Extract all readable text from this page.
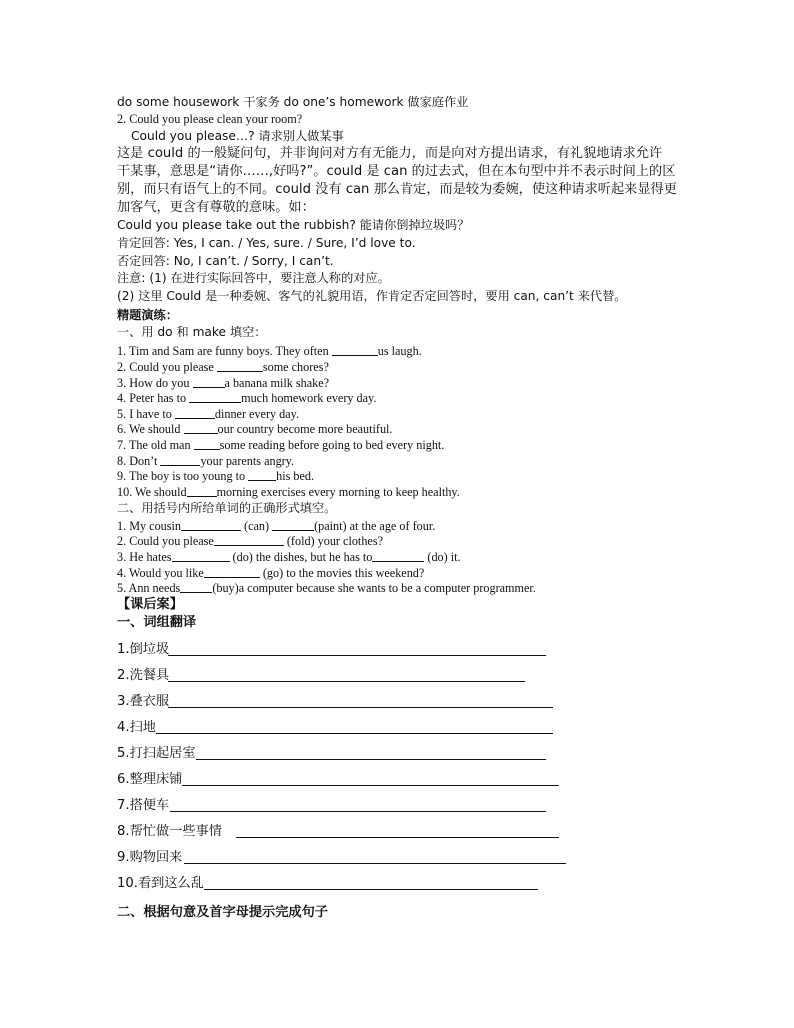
do some housework 干家务 do one’s homework 做家庭作业
2. Could you please clean your room?
Could you please…? 请求别人做某事
这是 could 的一般疑问句，并非询问对方有无能力，而是向对方提出请求，有礼貌地请求允许
干某事，意思是“请你……,好吗?”。could 是 can 的过去式，但在本句型中并不表示时间上的区
别，而只有语气上的不同。could 没有 can 那么肯定，而是较为委婉，使这种请求听起来显得更
加客气，更含有尊敬的意味。如：
Could you please take out the rubbish? 能请你倒掉垃圾吗？
肯定回答: Yes, I can. / Yes, sure. / Sure, I’d love to.
否定回答: No, I can’t. / Sorry, I can’t.
注意: (1) 在进行实际回答中，要注意人称的对应。
(2) 这里 Could 是一种委婉、客气的礼貌用语，作肯定否定回答时，要用 can, can’t 来代替。
精题演练：
一、用 do 和 make 填空：
1. Tim and Sam are funny boys. They often	us laugh.
2. Could you please	some chores?
3. How do you	a banana milk shake?
4. Peter has to	much homework every day.
5. I have to	dinner every day.
6. We should	our country become more beautiful.
7. The old man some reading before going to bed every night.
8. Don’t	your parents angry.
9. The boy is too young to his bed.
10. We should morning exercises every morning to keep healthy.
二、用括号内所给单词的正确形式填空。
1. My cousin	(can)	(paint) at the age of four.
2. Could you please	(fold) your clothes?
3. He hates	(do) the dishes, but he has to	(do) it.
4. Would you like	(go) to the movies this weekend?
5. Ann needs	(buy)a computer because she wants to be a computer programmer.
【课后案】
一、词组翻译
1.倒垃圾
2.洗餐具
3.叠衣服
4.扫地
5.打扫起居室
6.整理床铺
7.搭便车
8.帮忙做一些事情
9.购物回来
10.看到这么乱
二、根据句意及首字母提示完成句子
